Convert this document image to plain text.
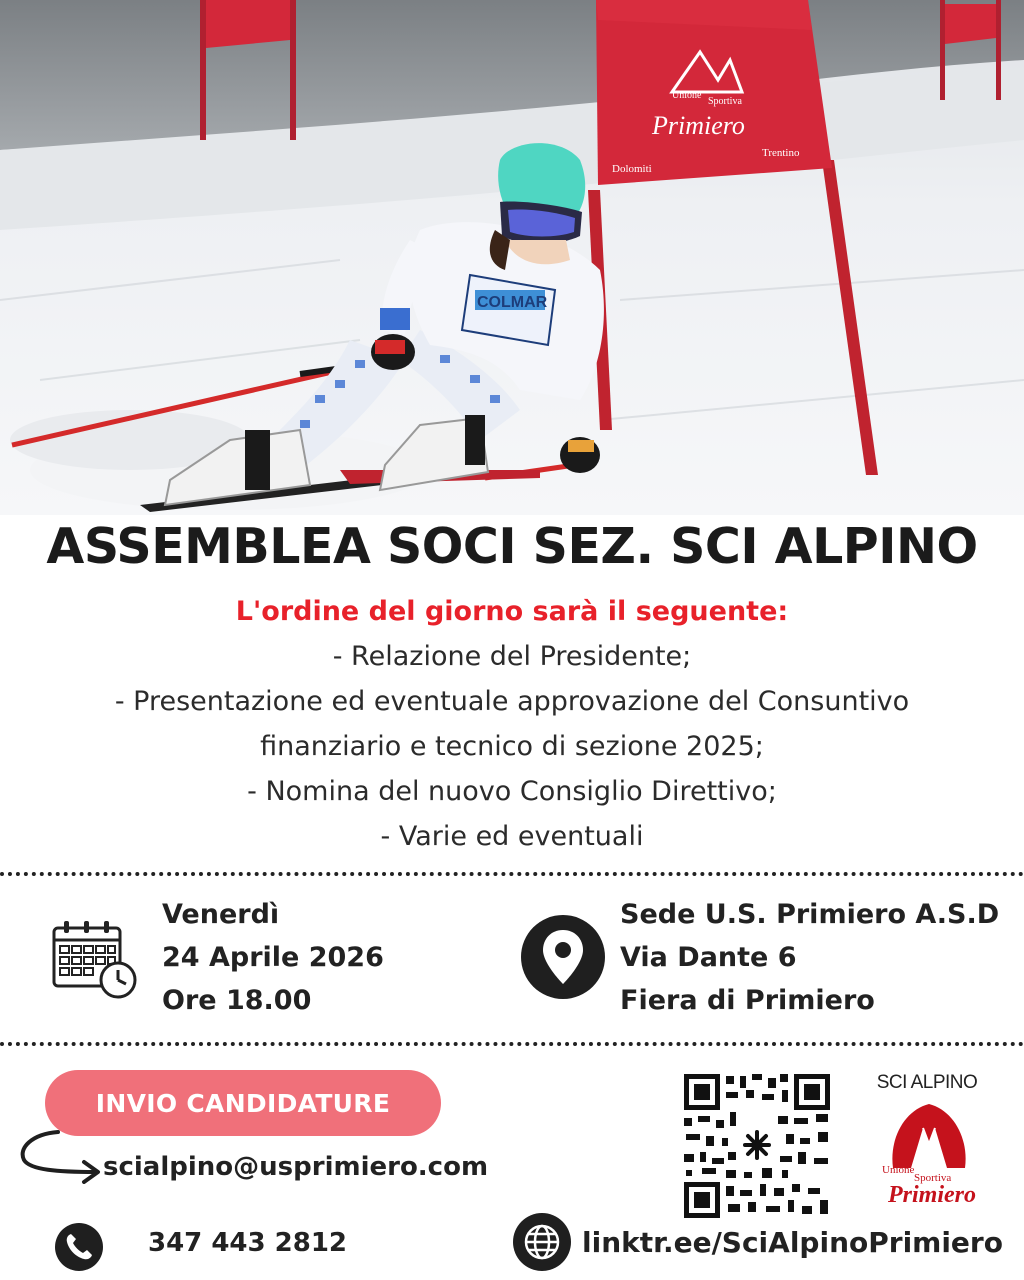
Unione
Sportiva
Primiero
Dolomiti
Trentino
COLMAR
ASSEMBLEA SOCI SEZ. SCI ALPINO
L'ordine del giorno sarà il seguente:
- Relazione del Presidente;
- Presentazione ed eventuale approvazione del Consuntivo
finanziario e tecnico di sezione 2025;
- Nomina del nuovo Consiglio Direttivo;
- Varie ed eventuali
Venerdì
24 Aprile 2026
Ore 18.00
Sede U.S. Primiero A.S.D
Via Dante 6
Fiera di Primiero
INVIO CANDIDATURE
scialpino@usprimiero.com
347 443 2812
SCI ALPINO
Unione
Sportiva
Primiero
linktr.ee/SciAlpinoPrimiero
